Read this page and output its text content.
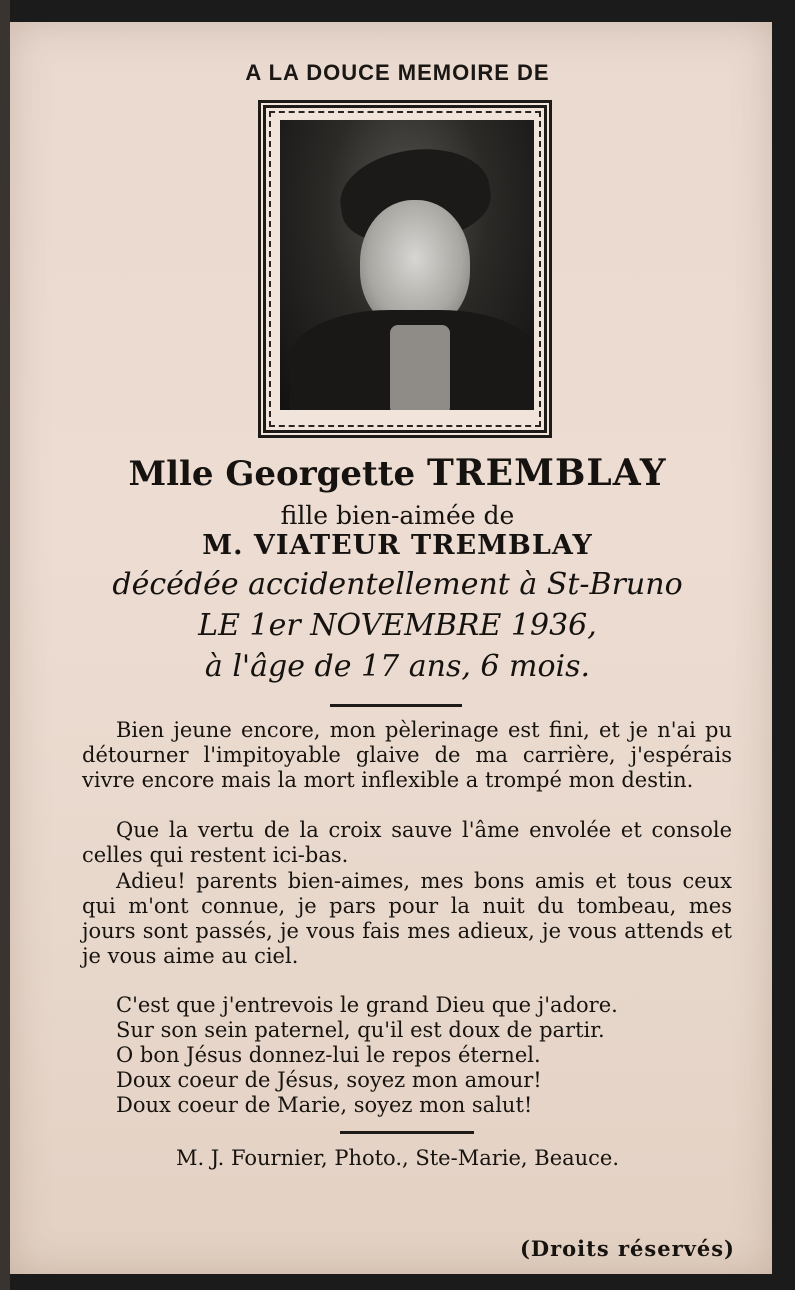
A LA DOUCE MEMOIRE DE
Mlle Georgette TREMBLAY
fille bien-aimée de
M. VIATEUR TREMBLAY
décédée accidentellement à St-Bruno
LE 1er NOVEMBRE 1936,
à l'âge de 17 ans, 6 mois.

Bien jeune encore, mon pèlerinage est fini, et je n'ai pu détourner l'impitoyable glaive de ma carrière, j'espérais vivre encore mais la mort inflexible a trompé mon destin.

Que la vertu de la croix sauve l'âme envolée et console celles qui restent ici-bas.

Adieu! parents bien-aimes, mes bons amis et tous ceux qui m'ont connue, je pars pour la nuit du tombeau, mes jours sont passés, je vous fais mes adieux, je vous attends et je vous aime au ciel.

C'est que j'entrevois le grand Dieu que j'adore.
Sur son sein paternel, qu'il est doux de partir.
O bon Jésus donnez-lui le repos éternel.
Doux coeur de Jésus, soyez mon amour!
Doux coeur de Marie, soyez mon salut!
M. J. Fournier, Photo., Ste-Marie, Beauce.
(Droits réservés)
